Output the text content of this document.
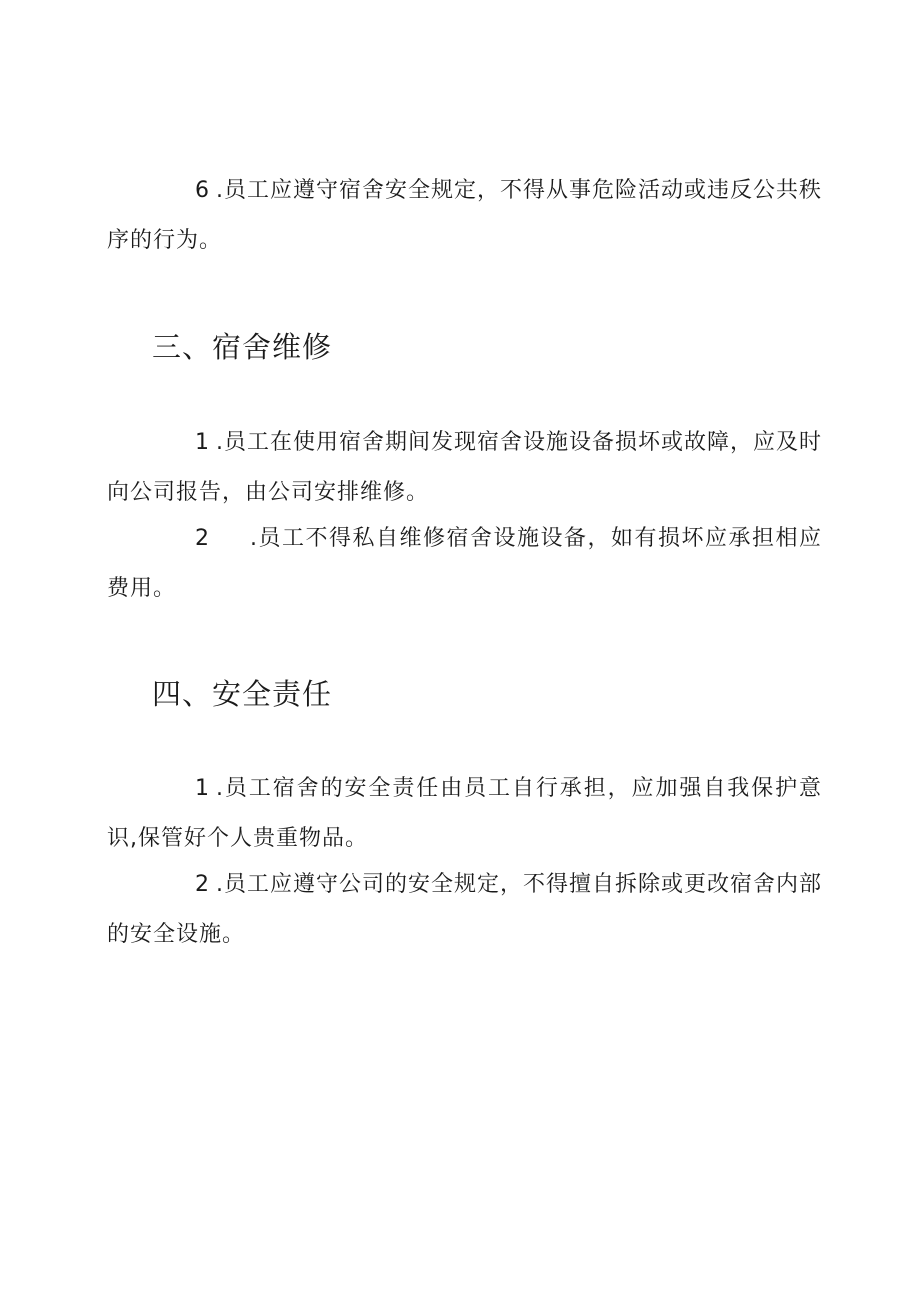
6 .员工应遵守宿舍安全规定，不得从事危险活动或违反公共秩序的行为。

三、宿舍维修

1 .员工在使用宿舍期间发现宿舍设施设备损坏或故障，应及时向公司报告，由公司安排维修。

2 .员工不得私自维修宿舍设施设备，如有损坏应承担相应费用。

四、安全责任

1 .员工宿舍的安全责任由员工自行承担，应加强自我保护意识,保管好个人贵重物品。

2 .员工应遵守公司的安全规定，不得擅自拆除或更改宿舍内部的安全设施。
